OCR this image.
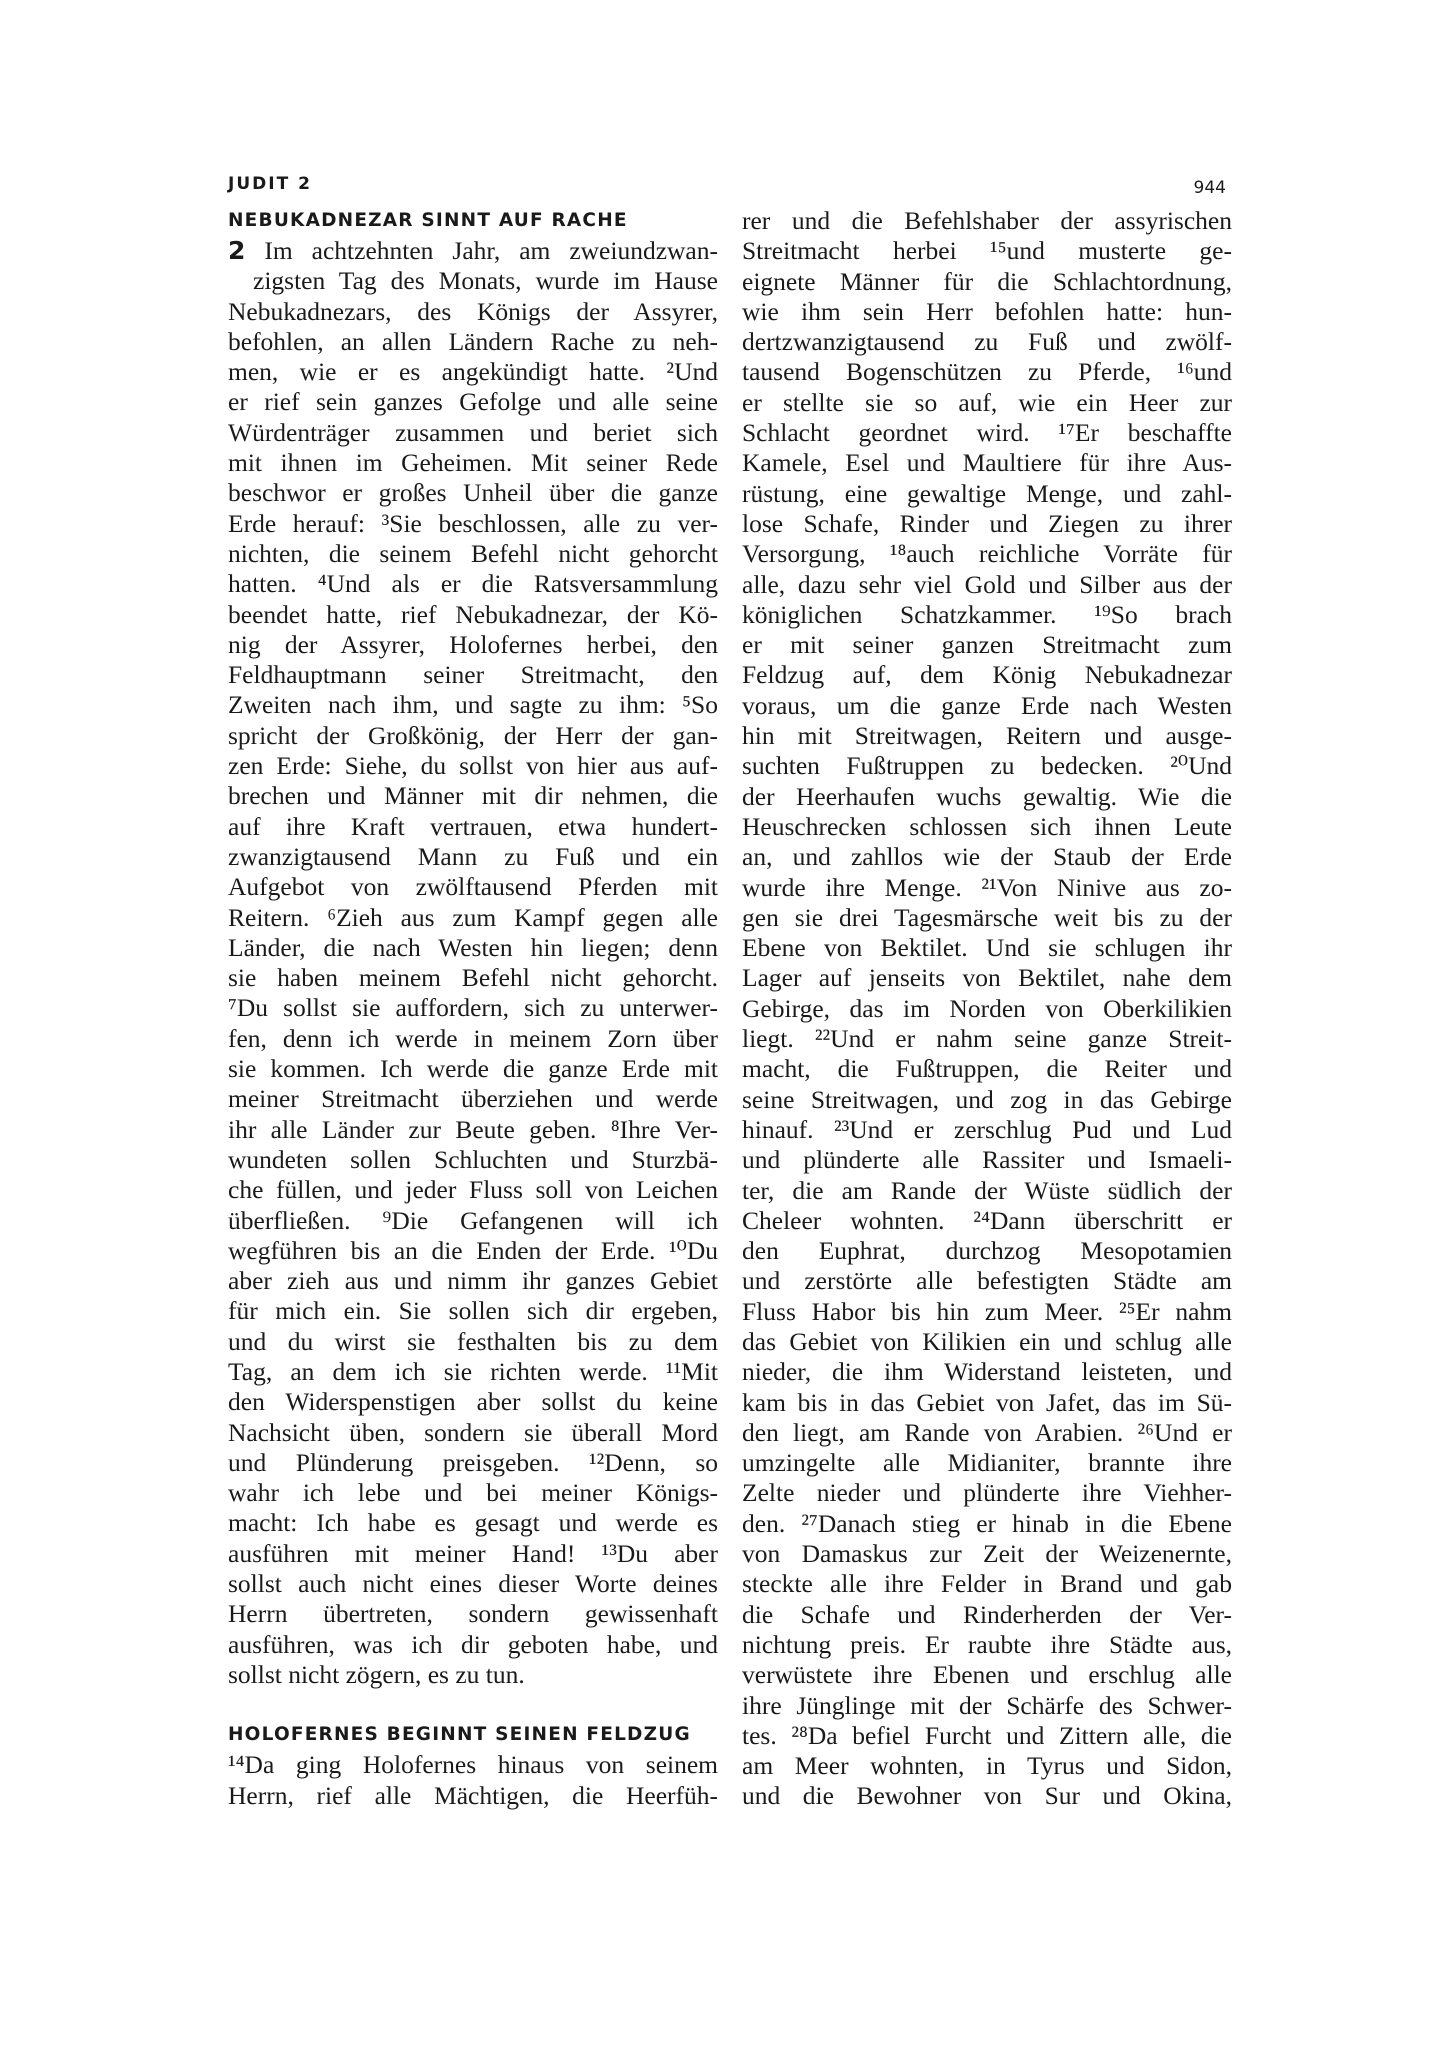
JUDIT 2	944
NEBUKADNEZAR SINNT AUF RACHE
2 Im achtzehnten Jahr, am zweiundzwan-
zigsten Tag des Monats, wurde im Hause
Nebukadnezars, des Königs der Assyrer,
befohlen, an allen Ländern Rache zu neh-
men, wie er es angekündigt hatte. ²Und
er rief sein ganzes Gefolge und alle seine
Würdenträger zusammen und beriet sich
mit ihnen im Geheimen. Mit seiner Rede
beschwor er großes Unheil über die ganze
Erde herauf: ³Sie beschlossen, alle zu ver-
nichten, die seinem Befehl nicht gehorcht
hatten. ⁴Und als er die Ratsversammlung
beendet hatte, rief Nebukadnezar, der Kö-
nig der Assyrer, Holofernes herbei, den
Feldhauptmann seiner Streitmacht, den
Zweiten nach ihm, und sagte zu ihm: ⁵So
spricht der Großkönig, der Herr der gan-
zen Erde: Siehe, du sollst von hier aus auf-
brechen und Männer mit dir nehmen, die
auf ihre Kraft vertrauen, etwa hundert-
zwanzigtausend Mann zu Fuß und ein
Aufgebot von zwölftausend Pferden mit
Reitern. ⁶Zieh aus zum Kampf gegen alle
Länder, die nach Westen hin liegen; denn
sie haben meinem Befehl nicht gehorcht.
⁷Du sollst sie auffordern, sich zu unterwer-
fen, denn ich werde in meinem Zorn über
sie kommen. Ich werde die ganze Erde mit
meiner Streitmacht überziehen und werde
ihr alle Länder zur Beute geben. ⁸Ihre Ver-
wundeten sollen Schluchten und Sturzbä-
che füllen, und jeder Fluss soll von Leichen
überfließen. ⁹Die Gefangenen will ich
wegführen bis an die Enden der Erde. ¹⁰Du
aber zieh aus und nimm ihr ganzes Gebiet
für mich ein. Sie sollen sich dir ergeben,
und du wirst sie festhalten bis zu dem
Tag, an dem ich sie richten werde. ¹¹Mit
den Widerspenstigen aber sollst du keine
Nachsicht üben, sondern sie überall Mord
und Plünderung preisgeben. ¹²Denn, so
wahr ich lebe und bei meiner Königs-
macht: Ich habe es gesagt und werde es
ausführen mit meiner Hand! ¹³Du aber
sollst auch nicht eines dieser Worte deines
Herrn übertreten, sondern gewissenhaft
ausführen, was ich dir geboten habe, und
sollst nicht zögern, es zu tun.
HOLOFERNES BEGINNT SEINEN FELDZUG
¹⁴Da ging Holofernes hinaus von seinem
Herrn, rief alle Mächtigen, die Heerfüh-
rer und die Befehlshaber der assyrischen
Streitmacht herbei ¹⁵und musterte ge-
eignete Männer für die Schlachtordnung,
wie ihm sein Herr befohlen hatte: hun-
dertzwanzigtausend zu Fuß und zwölf-
tausend Bogenschützen zu Pferde, ¹⁶und
er stellte sie so auf, wie ein Heer zur
Schlacht geordnet wird. ¹⁷Er beschaffte
Kamele, Esel und Maultiere für ihre Aus-
rüstung, eine gewaltige Menge, und zahl-
lose Schafe, Rinder und Ziegen zu ihrer
Versorgung, ¹⁸auch reichliche Vorräte für
alle, dazu sehr viel Gold und Silber aus der
königlichen Schatzkammer. ¹⁹So brach
er mit seiner ganzen Streitmacht zum
Feldzug auf, dem König Nebukadnezar
voraus, um die ganze Erde nach Westen
hin mit Streitwagen, Reitern und ausge-
suchten Fußtruppen zu bedecken. ²⁰Und
der Heerhaufen wuchs gewaltig. Wie die
Heuschrecken schlossen sich ihnen Leute
an, und zahllos wie der Staub der Erde
wurde ihre Menge. ²¹Von Ninive aus zo-
gen sie drei Tagesmärsche weit bis zu der
Ebene von Bektilet. Und sie schlugen ihr
Lager auf jenseits von Bektilet, nahe dem
Gebirge, das im Norden von Oberkilikien
liegt. ²²Und er nahm seine ganze Streit-
macht, die Fußtruppen, die Reiter und
seine Streitwagen, und zog in das Gebirge
hinauf. ²³Und er zerschlug Pud und Lud
und plünderte alle Rassiter und Ismaeli-
ter, die am Rande der Wüste südlich der
Cheleer wohnten. ²⁴Dann überschritt er
den Euphrat, durchzog Mesopotamien
und zerstörte alle befestigten Städte am
Fluss Habor bis hin zum Meer. ²⁵Er nahm
das Gebiet von Kilikien ein und schlug alle
nieder, die ihm Widerstand leisteten, und
kam bis in das Gebiet von Jafet, das im Sü-
den liegt, am Rande von Arabien. ²⁶Und er
umzingelte alle Midianiter, brannte ihre
Zelte nieder und plünderte ihre Viehher-
den. ²⁷Danach stieg er hinab in die Ebene
von Damaskus zur Zeit der Weizenernte,
steckte alle ihre Felder in Brand und gab
die Schafe und Rinderherden der Ver-
nichtung preis. Er raubte ihre Städte aus,
verwüstete ihre Ebenen und erschlug alle
ihre Jünglinge mit der Schärfe des Schwer-
tes. ²⁸Da befiel Furcht und Zittern alle, die
am Meer wohnten, in Tyrus und Sidon,
und die Bewohner von Sur und Okina,
